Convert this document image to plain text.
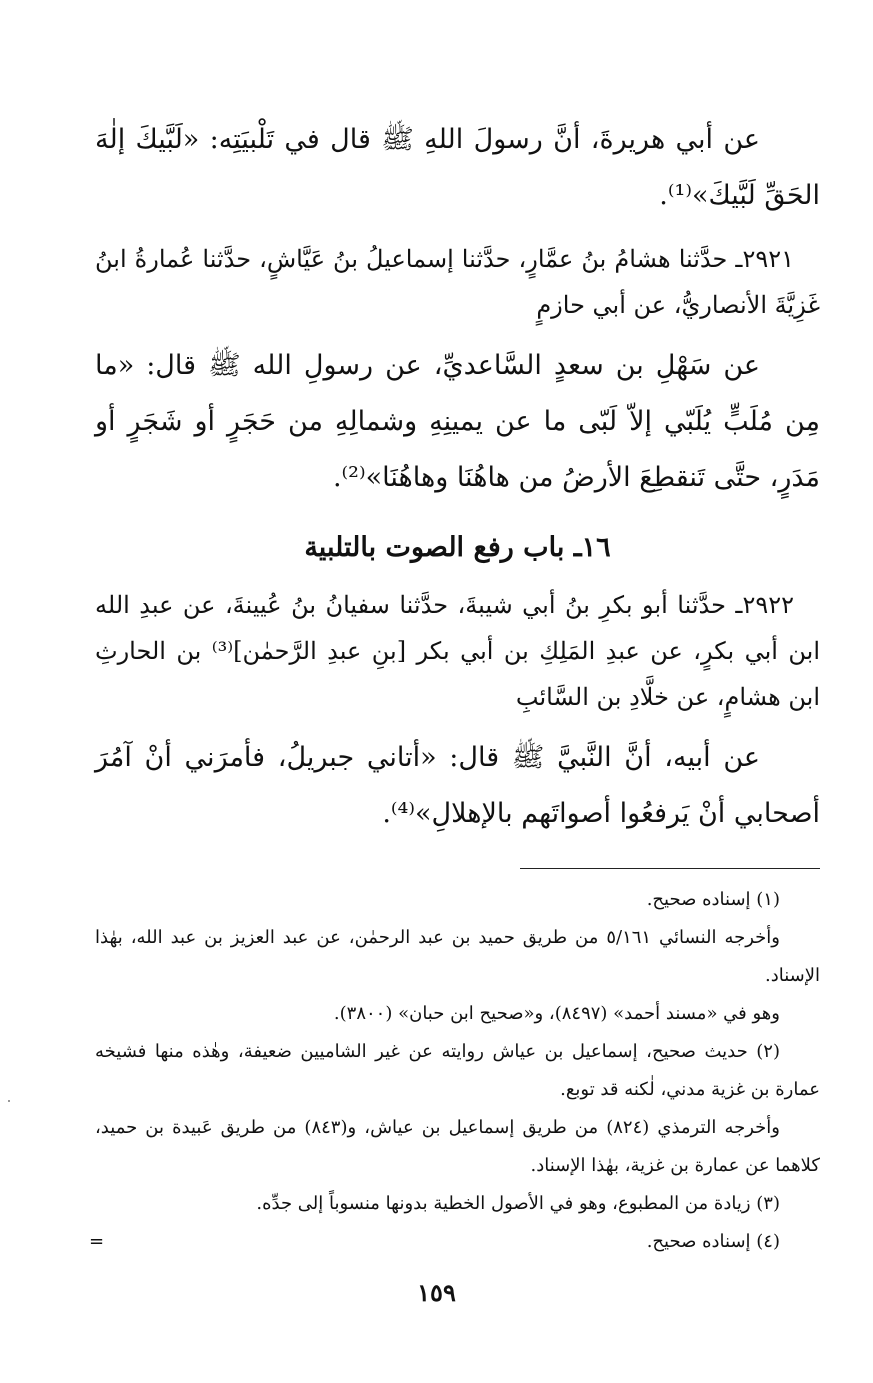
عن أبي هريرةَ، أنَّ رسولَ اللهِ ﷺ قال في تَلْبيَتِه: «لَبَّيكَ إلٰهَ الحَقِّ لَبَّيكَ»⁽¹⁾.

٢٩٢١ـ حدَّثنا هشامُ بنُ عمَّارٍ، حدَّثنا إسماعيلُ بنُ عَيَّاشٍ، حدَّثنا عُمارةُ ابنُ غَزِيَّةَ الأنصاريُّ، عن أبي حازمٍ

عن سَهْلِ بن سعدٍ السَّاعديِّ، عن رسولِ الله ﷺ قال: «ما مِن مُلَبٍّ يُلَبّي إلاّ لَبّى ما عن يمينِهِ وشمالِهِ من حَجَرٍ أو شَجَرٍ أو مَدَرٍ، حتَّى تَنقطِعَ الأرضُ من هاهُنَا وهاهُنَا»⁽²⁾.

١٦ـ باب رفع الصوت بالتلبية

٢٩٢٢ـ حدَّثنا أبو بكرِ بنُ أبي شيبةَ، حدَّثنا سفيانُ بنُ عُيينةَ، عن عبدِ الله ابن أبي بكرٍ، عن عبدِ المَلِكِ بن أبي بكر [بنِ عبدِ الرَّحمٰن]⁽³⁾ بن الحارثِ ابن هشامٍ، عن خلَّادِ بن السَّائبِ

عن أبيه، أنَّ النَّبيَّ ﷺ قال: «أتاني جبريلُ، فأمرَني أنْ آمُرَ أصحابي أنْ يَرفعُوا أصواتَهم بالإهلالِ»⁽⁴⁾.

(١) إسناده صحيح.

وأخرجه النسائي ٥/١٦١ من طريق حميد بن عبد الرحمٰن، عن عبد العزيز بن عبد الله، بهٰذا الإسناد.

وهو في «مسند أحمد» (٨٤٩٧)، و«صحيح ابن حبان» (٣٨٠٠).

(٢) حديث صحيح، إسماعيل بن عياش روايته عن غير الشاميين ضعيفة، وهٰذه منها فشيخه عمارة بن غزية مدني، لٰكنه قد توبع.

وأخرجه الترمذي (٨٢٤) من طريق إسماعيل بن عياش، و(٨٤٣) من طريق عَبيدة بن حميد، كلاهما عن عمارة بن غزية، بهٰذا الإسناد.

(٣) زيادة من المطبوع، وهو في الأصول الخطية بدونها منسوباً إلى جدِّه.

(٤) إسناده صحيح.
=

١٥٩
